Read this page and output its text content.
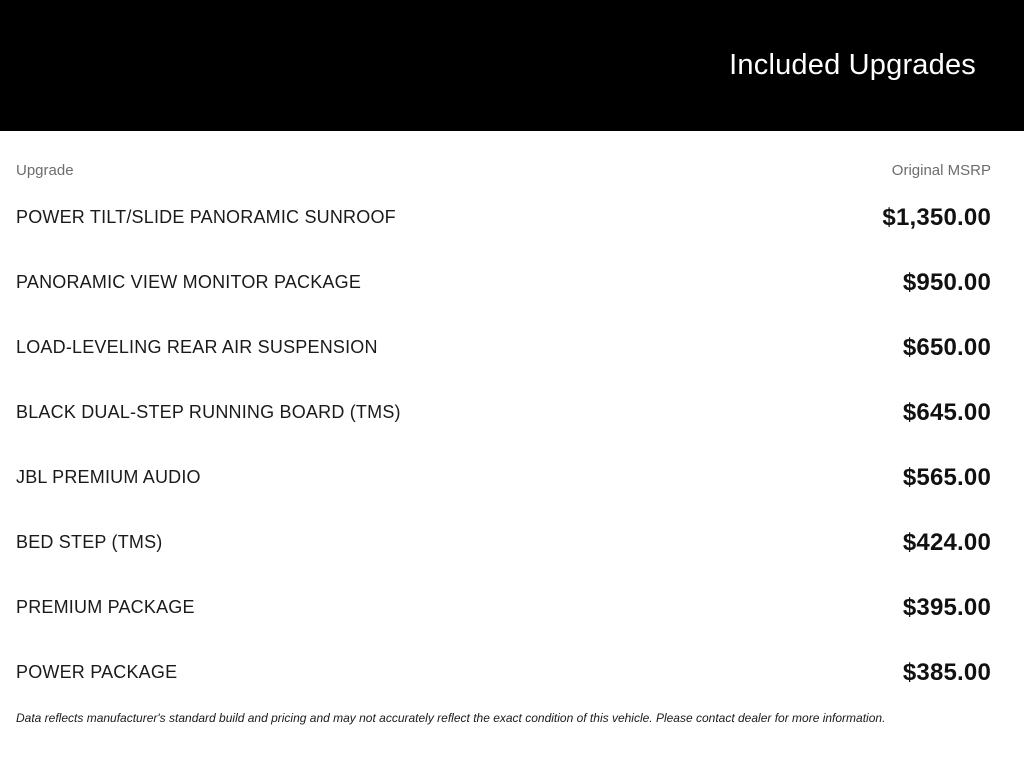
Included Upgrades
Upgrade	Original MSRP
POWER TILT/SLIDE PANORAMIC SUNROOF	$1,350.00
PANORAMIC VIEW MONITOR PACKAGE	$950.00
LOAD-LEVELING REAR AIR SUSPENSION	$650.00
BLACK DUAL-STEP RUNNING BOARD (TMS)	$645.00
JBL PREMIUM AUDIO	$565.00
BED STEP (TMS)	$424.00
PREMIUM PACKAGE	$395.00
POWER PACKAGE	$385.00
Data reflects manufacturer's standard build and pricing and may not accurately reflect the exact condition of this vehicle. Please contact dealer for more information.
